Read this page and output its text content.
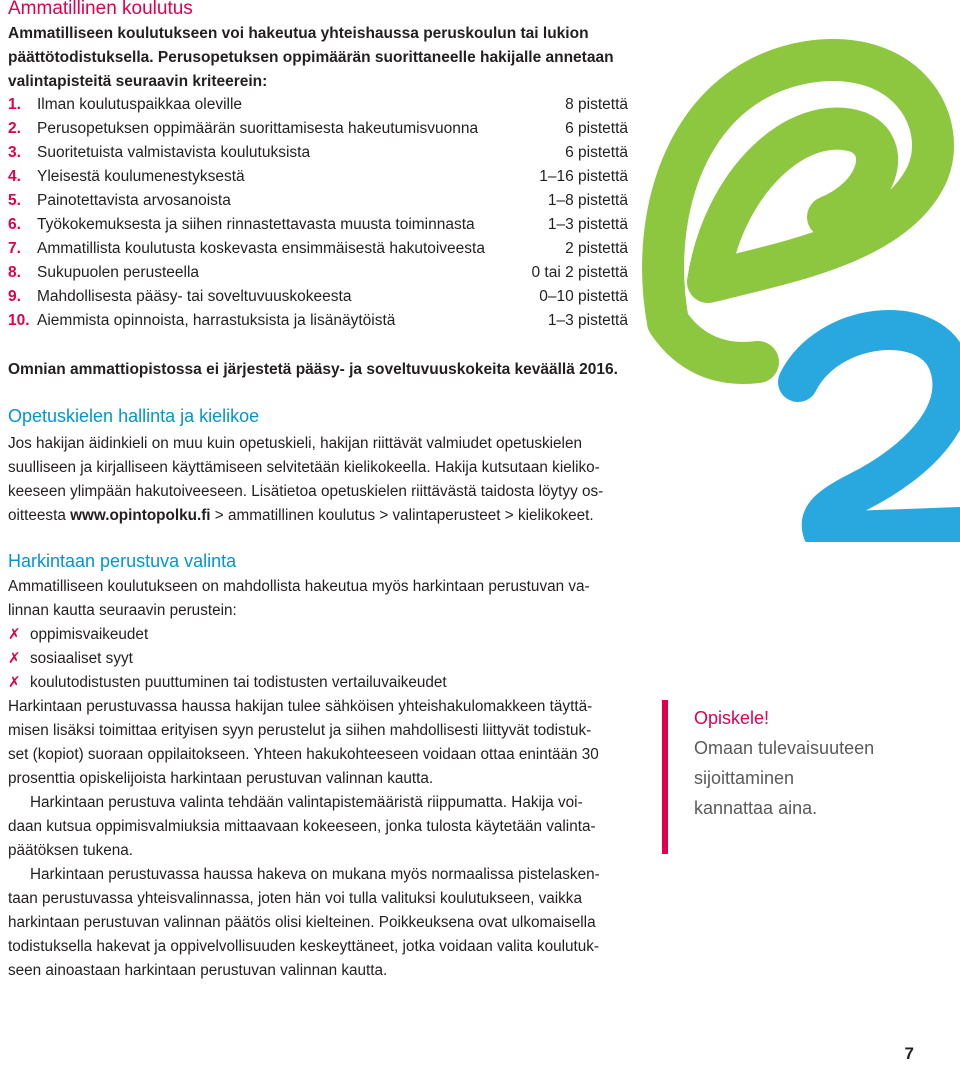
Ammatillinen koulutus

Ammatilliseen koulutukseen voi hakeutua yhteishaussa peruskoulun tai lukion
päättötodistuksella. Perusopetuksen oppimäärän suorittaneelle hakijalle annetaan
valintapisteitä seuraavin kriteerein:

1. Ilman koulutuspaikkaa oleville	8 pistettä
2. Perusopetuksen oppimäärän suorittamisesta hakeutumisvuonna	6 pistettä
3. Suoritetuista valmistavista koulutuksista	6 pistettä
4. Yleisestä koulumenestyksestä	1–16 pistettä
5. Painotettavista arvosanoista	1–8 pistettä
6. Työkokemuksesta ja siihen rinnastettavasta muusta toiminnasta	1–3 pistettä
7. Ammatillista koulutusta koskevasta ensimmäisestä hakutoiveesta	2 pistettä
8. Sukupuolen perusteella	0 tai 2 pistettä
9. Mahdollisesta pääsy- tai soveltuvuuskokeesta	0–10 pistettä
10. Aiemmista opinnoista, harrastuksista ja lisänäytöistä	1–3 pistettä

Omnian ammattiopistossa ei järjestetä pääsy- ja soveltuvuuskokeita keväällä 2016.

Opetuskielen hallinta ja kielikoe

Jos hakijan äidinkieli on muu kuin opetuskieli, hakijan riittävät valmiudet opetuskielen
suulliseen ja kirjalliseen käyttämiseen selvitetään kielikokeella. Hakija kutsutaan kieliko-
keeseen ylimpään hakutoiveeseen. Lisätietoa opetuskielen riittävästä taidosta löytyy os-
oitteesta www.opintopolku.fi > ammatillinen koulutus > valintaperusteet > kielikokeet.

Harkintaan perustuva valinta

Ammatilliseen koulutukseen on mahdollista hakeutua myös harkintaan perustuvan va-
linnan kautta seuraavin perustein:

✗ oppimisvaikeudet
✗ sosiaaliset syyt
✗ koulutodistusten puuttuminen tai todistusten vertailuvaikeudet

Harkintaan perustuvassa haussa hakijan tulee sähköisen yhteishakulomakkeen täyttä-
misen lisäksi toimittaa erityisen syyn perustelut ja siihen mahdollisesti liittyvät todistuk-
set (kopiot) suoraan oppilaitokseen. Yhteen hakukohteeseen voidaan ottaa enintään 30
prosenttia opiskelijoista harkintaan perustuvan valinnan kautta.

Harkintaan perustuva valinta tehdään valintapistemääristä riippumatta. Hakija voi-
daan kutsua oppimisvalmiuksia mittaavaan kokeeseen, jonka tulosta käytetään valinta-
päätöksen tukena.

Harkintaan perustuvassa haussa hakeva on mukana myös normaalissa pistelasken-
taan perustuvassa yhteisvalinnassa, joten hän voi tulla valituksi koulutukseen, vaikka
harkintaan perustuvan valinnan päätös olisi kielteinen. Poikkeuksena ovat ulkomaisella
todistuksella hakevat ja oppivelvollisuuden keskeyttäneet, jotka voidaan valita koulutuk-
seen ainoastaan harkintaan perustuvan valinnan kautta.

Opiskele!
Omaan tulevaisuuteen
sijoittaminen
kannattaa aina.
7
